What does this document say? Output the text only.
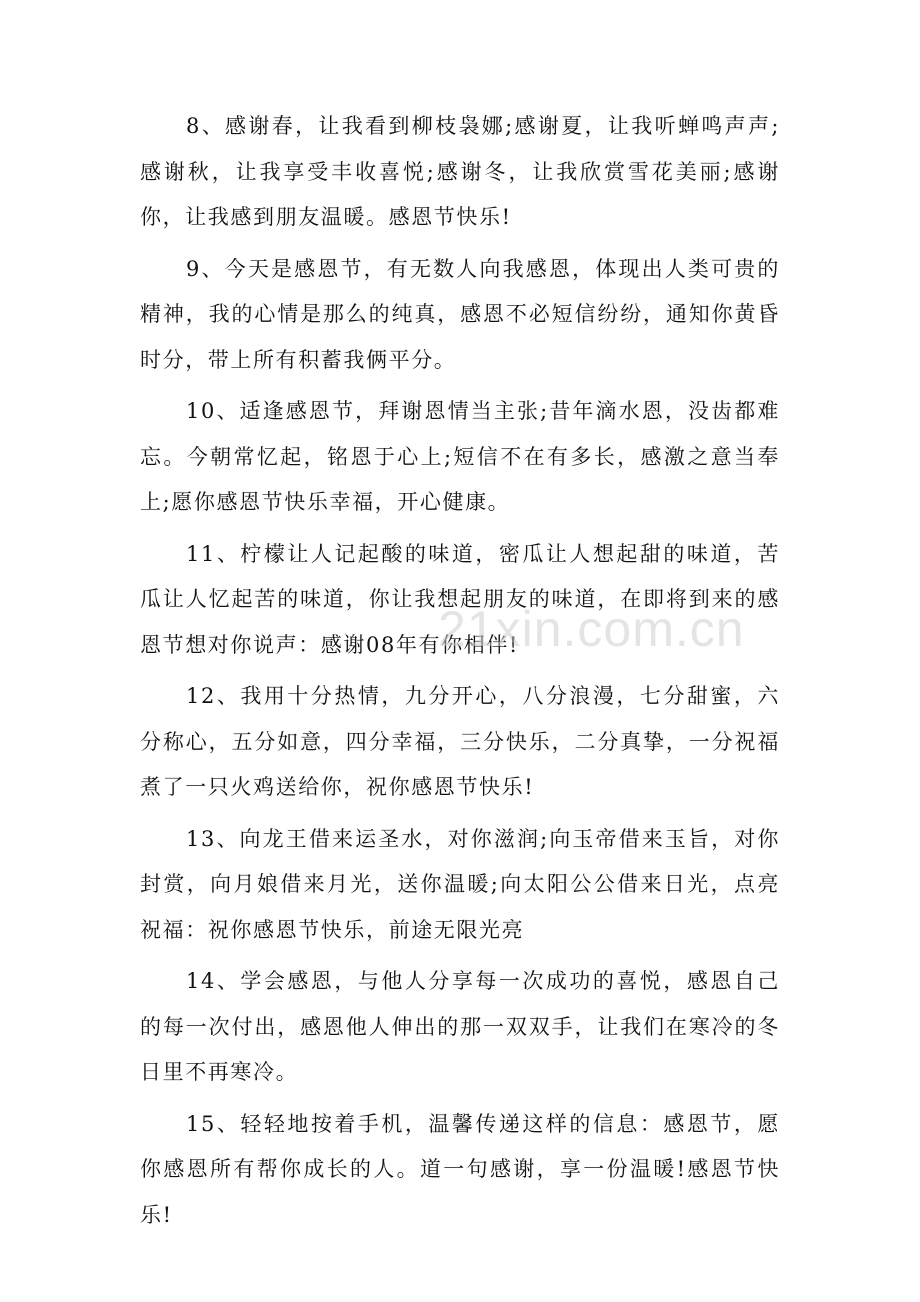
8、感谢春，让我看到柳枝袅娜;感谢夏，让我听蝉鸣声声;感谢秋，让我享受丰收喜悦;感谢冬，让我欣赏雪花美丽;感谢你，让我感到朋友温暖。感恩节快乐!

9、今天是感恩节，有无数人向我感恩，体现出人类可贵的精神，我的心情是那么的纯真，感恩不必短信纷纷，通知你黄昏时分，带上所有积蓄我俩平分。

10、适逢感恩节，拜谢恩情当主张;昔年滴水恩，没齿都难忘。今朝常忆起，铭恩于心上;短信不在有多长，感激之意当奉上;愿你感恩节快乐幸福，开心健康。

11、柠檬让人记起酸的味道，密瓜让人想起甜的味道，苦瓜让人忆起苦的味道，你让我想起朋友的味道，在即将到来的感恩节想对你说声：感谢08年有你相伴!

12、我用十分热情，九分开心，八分浪漫，七分甜蜜，六分称心，五分如意，四分幸福，三分快乐，二分真挚，一分祝福煮了一只火鸡送给你，祝你感恩节快乐!

13、向龙王借来运圣水，对你滋润;向玉帝借来玉旨，对你封赏，向月娘借来月光，送你温暖;向太阳公公借来日光，点亮祝福：祝你感恩节快乐，前途无限光亮

14、学会感恩，与他人分享每一次成功的喜悦，感恩自己的每一次付出，感恩他人伸出的那一双双手，让我们在寒冷的冬日里不再寒冷。

15、轻轻地按着手机，温馨传递这样的信息：感恩节，愿你感恩所有帮你成长的人。道一句感谢，享一份温暖!感恩节快乐!

21xin.com.cn
